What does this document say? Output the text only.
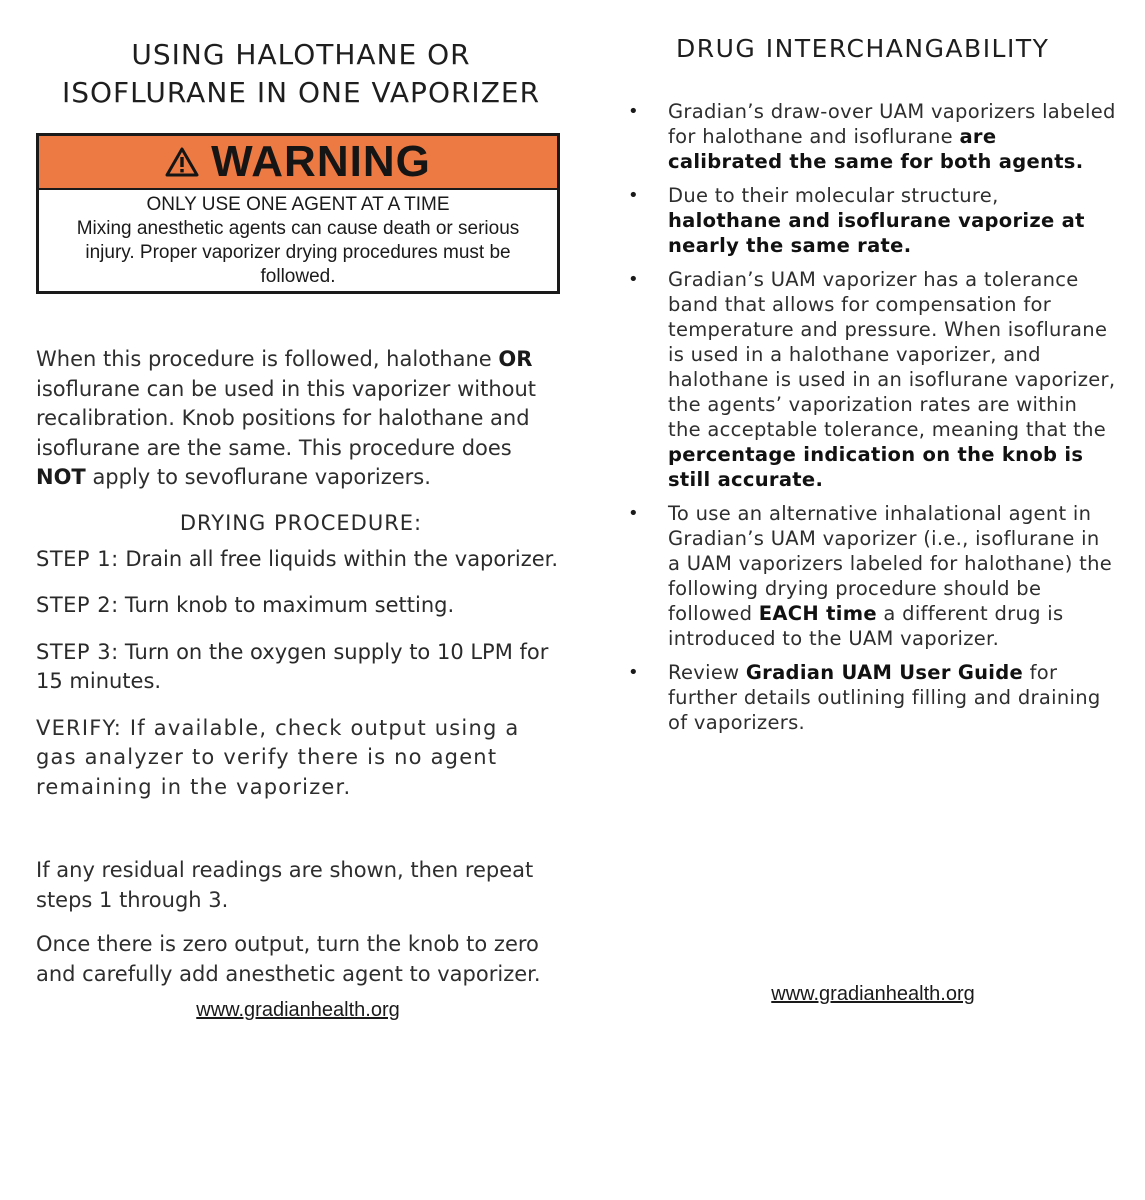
USING HALOTHANE OR
ISOFLURANE IN ONE VAPORIZER
WARNING
ONLY USE ONE AGENT AT A TIME
Mixing anesthetic agents can cause death or serious injury. Proper vaporizer drying procedures must be followed.

When this procedure is followed, halothane OR isoflurane can be used in this vaporizer without recalibration. Knob positions for halothane and isoflurane are the same. This procedure does NOT apply to sevoflurane vaporizers.

DRYING PROCEDURE:

STEP 1: Drain all free liquids within the vaporizer.

STEP 2: Turn knob to maximum setting.

STEP 3: Turn on the oxygen supply to 10 LPM for 15 minutes.

VERIFY: If available, check output using a gas analyzer to verify there is no agent remaining in the vaporizer.

If any residual readings are shown, then repeat steps 1 through 3.

Once there is zero output, turn the knob to zero and carefully add anesthetic agent to vaporizer.

www.gradianhealth.org
DRUG INTERCHANGABILITY
• Gradian’s draw-over UAM vaporizers labeled for halothane and isoflurane are calibrated the same for both agents.
• Due to their molecular structure, halothane and isoflurane vaporize at nearly the same rate.
• Gradian’s UAM vaporizer has a tolerance band that allows for compensation for temperature and pressure. When isoflurane is used in a halothane vaporizer, and halothane is used in an isoflurane vaporizer, the agents’ vaporization rates are within the acceptable tolerance, meaning that the percentage indication on the knob is still accurate.
• To use an alternative inhalational agent in Gradian’s UAM vaporizer (i.e., isoflurane in a UAM vaporizers labeled for halothane) the following drying procedure should be followed EACH time a different drug is introduced to the UAM vaporizer.
• Review Gradian UAM User Guide for further details outlining filling and draining of vaporizers.
www.gradianhealth.org
